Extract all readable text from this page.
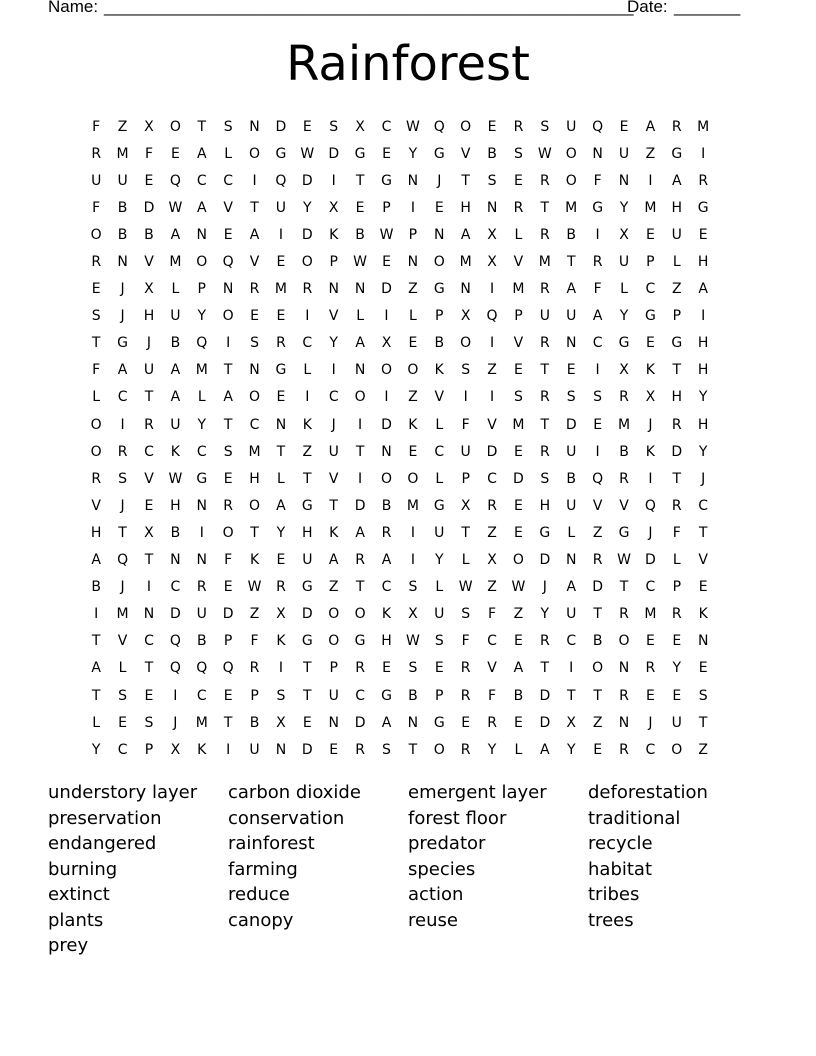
Name: ________________________________________________________
Date: _______
Rainforest
F	Z	X	O	T	S	N	D	E	S	X	C	W Q	O	E	R	S	U	Q	E	A	R	M
R	M	F	E	A	L	O	G	W	D	G	E	Y	G	V	B	S	W O	N	U	Z	G	I
U	U	E	Q	C	C	I	Q	D	I	T	G	N	J	T	S	E	R	O	F	N	I	A	R
F	B	D	W	A	V	T	U	Y	X	E	P	I	E	H	N	R	T	M	G	Y	M	H	G
O	B	B	A	N	E	A	I	D	K	B	W	P	N	A	X	L	R	B	I	X	E	U	E
R	N	V	M	O	Q	V	E	O	P	W	E	N	O	M	X	V	M	T	R	U	P	L	H
E	J	X	L	P	N	R	M	R	N	N	D	Z	G	N	I	M	R	A	F	L	C	Z	A
S	J	H	U	Y	O	E	E	I	V	L	I	L	P	X	Q	P	U	U	A	Y	G	P	I
T	G	J	B	Q	I	S	R	C	Y	A	X	E	B	O	I	V	R	N	C	G	E	G	H
F	A	U	A	M	T	N	G	L	I	N	O	O	K	S	Z	E	T	E	I	X	K	T	H
L	C	T	A	L	A	O	E	I	C	O	I	Z	V	I	I	S	R	S	S	R	X	H	Y
O	I	R	U	Y	T	C	N	K	J	I	D	K	L	F	V	M	T	D	E	M	J	R	H
O	R	C	K	C	S	M	T	Z	U	T	N	E	C	U	D	E	R	U	I	B	K	D	Y
R	S	V	W	G	E	H	L	T	V	I	O	O	L	P	C	D	S	B	Q	R	I	T	J
V	J	E	H	N	R	O	A	G	T	D	B	M	G	X	R	E	H	U	V	V	Q	R	C
H	T	X	B	I	O	T	Y	H	K	A	R	I	U	T	Z	E	G	L	Z	G	J	F	T
A	Q	T	N	N	F	K	E	U	A	R	A	I	Y	L	X	O	D	N	R	W	D	L	V
B	J	I	C	R	E	W	R	G	Z	T	C	S	L	W	Z	W	J	A	D	T	C	P	E
I	M	N	D	U	D	Z	X	D	O	O	K	X	U	S	F	Z	Y	U	T	R	M	R	K
T	V	C	Q	B	P	F	K	G	O	G	H	W	S	F	C	E	R	C	B	O	E	E	N
A	L	T	Q	Q	Q	R	I	T	P	R	E	S	E	R	V	A	T	I	O	N	R	Y	E
T	S	E	I	C	E	P	S	T	U	C	G	B	P	R	F	B	D	T	T	R	E	E	S
L	E	S	J	M	T	B	X	E	N	D	A	N	G	E	R	E	D	X	Z	N	J	U	T
Y	C	P	X	K	I	U	N	D	E	R	S	T	O	R	Y	L	A	Y	E	R	C	O	Z
understory layer	carbon dioxide	emergent layer	deforestation
preservation	conservation	forest floor	traditional
endangered	rainforest	predator	recycle
burning	farming	species	habitat
extinct	reduce	action	tribes
plants	canopy	reuse	trees
prey
